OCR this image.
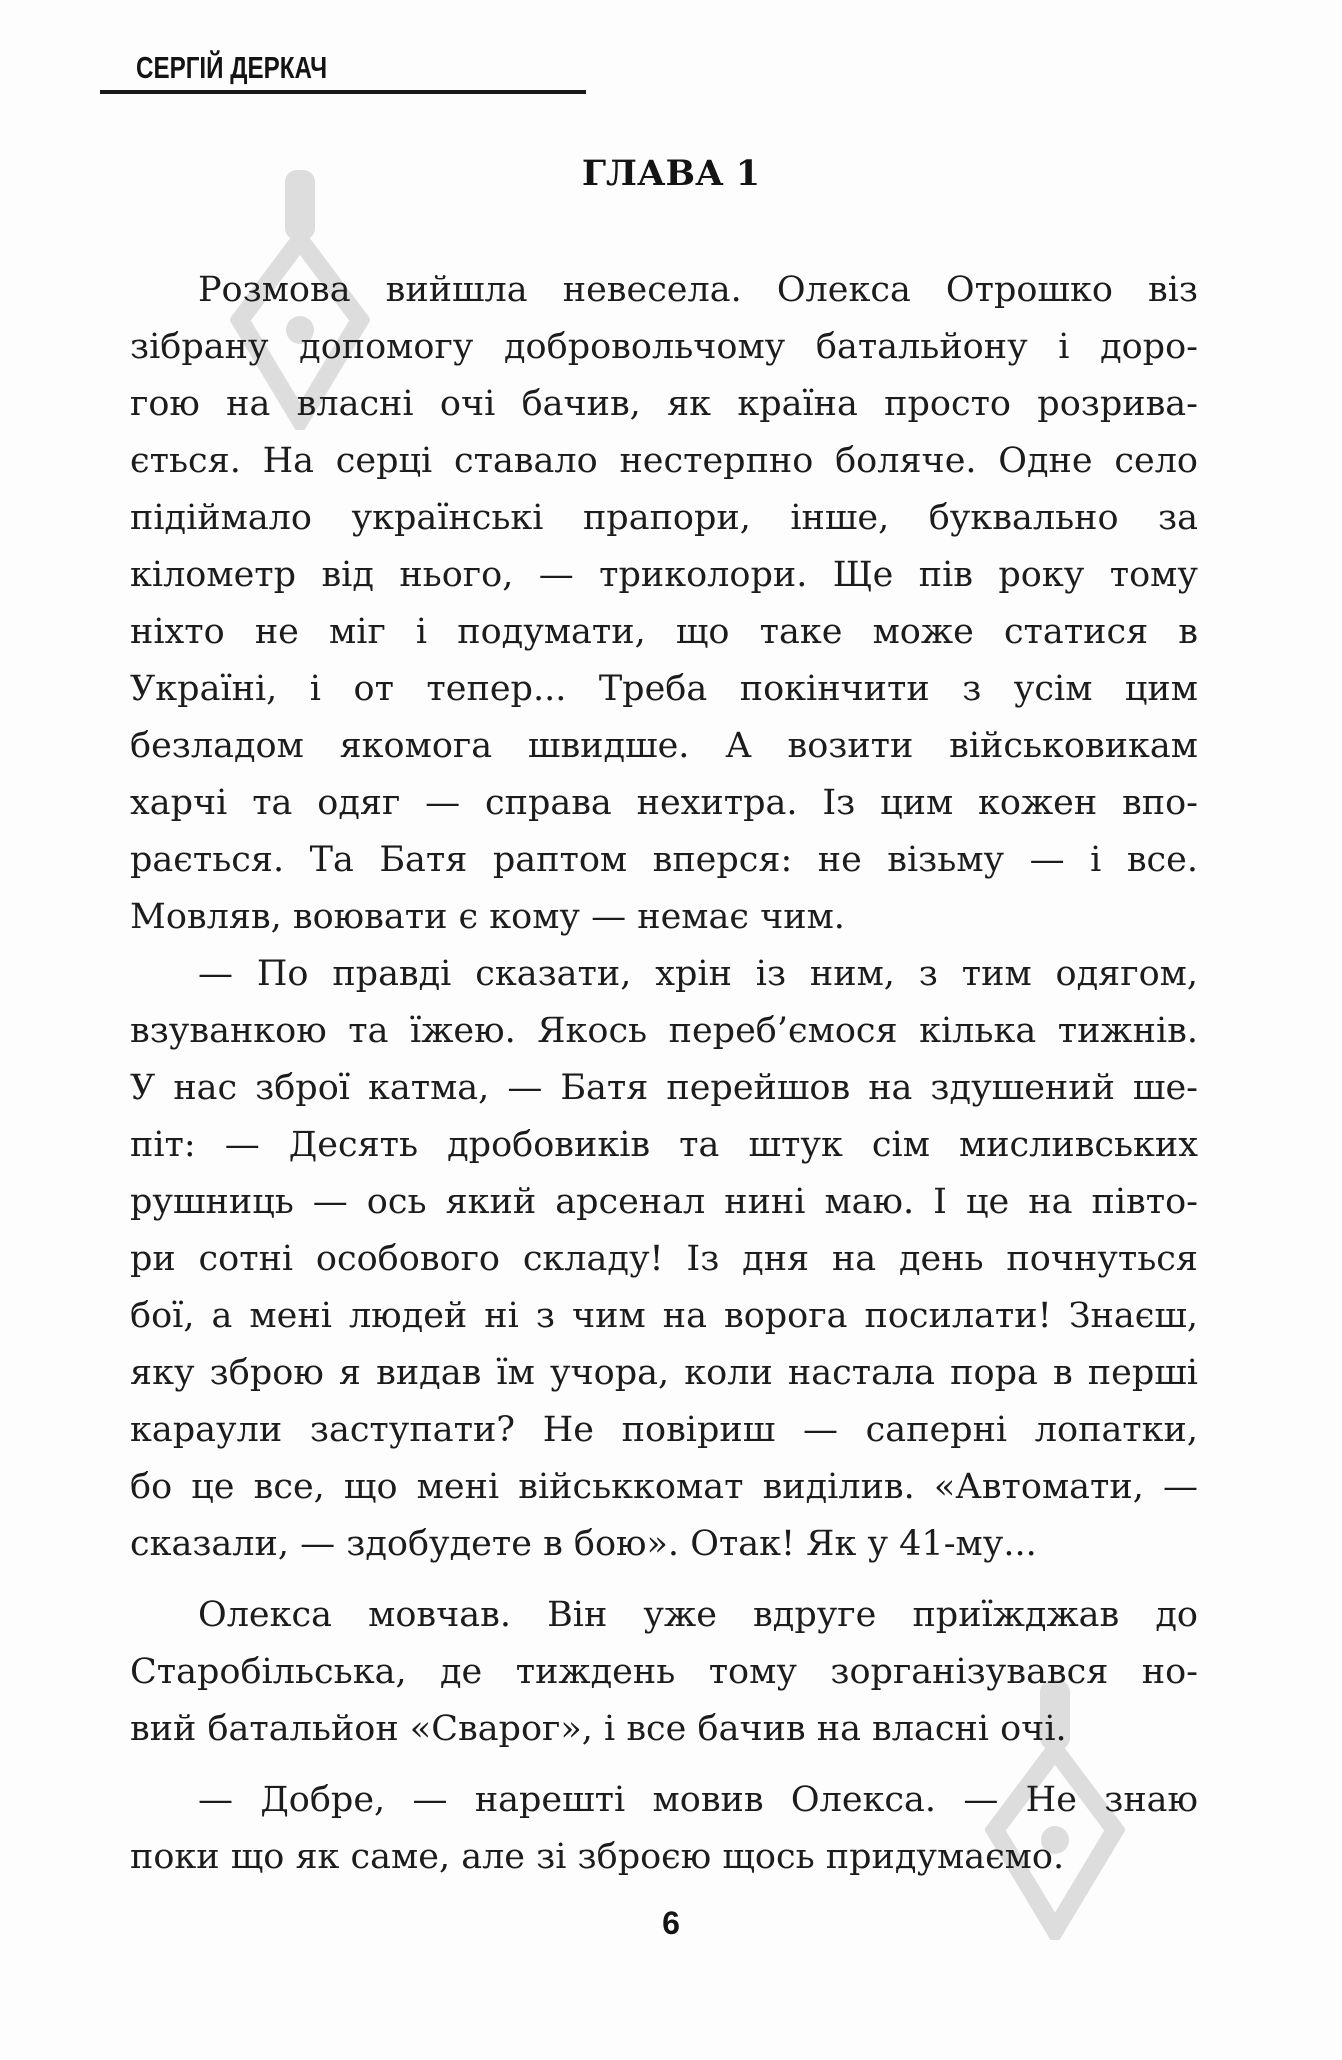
СЕРГІЙ ДЕРКАЧ
ГЛАВА 1
Розмова вийшла невесела. Олекса Отрошко віз
зібрану допомогу добровольчому батальйону і доро-
гою на власні очі бачив, як країна просто розрива-
ється. На серці ставало нестерпно боляче. Одне село
підіймало українські прапори, інше, буквально за
кілометр від нього, — триколори. Ще пів року тому
ніхто не міг і подумати, що таке може статися в
Україні, і от тепер... Треба покінчити з усім цим
безладом якомога швидше. А возити військовикам
харчі та одяг — справа нехитра. Із цим кожен впо-
рається. Та Батя раптом вперся: не візьму — і все.
Мовляв, воювати є кому — немає чим.
— По правді сказати, хрін із ним, з тим одягом,
взуванкою та їжею. Якось переб’ємося кілька тижнів.
У нас зброї катма, — Батя перейшов на здушений ше-
піт: — Десять дробовиків та штук сім мисливських
рушниць — ось який арсенал нині маю. І це на півто-
ри сотні особового складу! Із дня на день почнуться
бої, а мені людей ні з чим на ворога посилати! Знаєш,
яку зброю я видав їм учора, коли настала пора в перші
караули заступати? Не повіриш — саперні лопатки,
бо це все, що мені військкомат виділив. «Автомати, —
сказали, — здобудете в бою». Отак! Як у 41-му...
Олекса мовчав. Він уже вдруге приїжджав до
Старобільська, де тиждень тому зорганізувався но-
вий батальйон «Сварог», і все бачив на власні очі.
— Добре, — нарешті мовив Олекса. — Не знаю
поки що як саме, але зі зброєю щось придумаємо.
6
